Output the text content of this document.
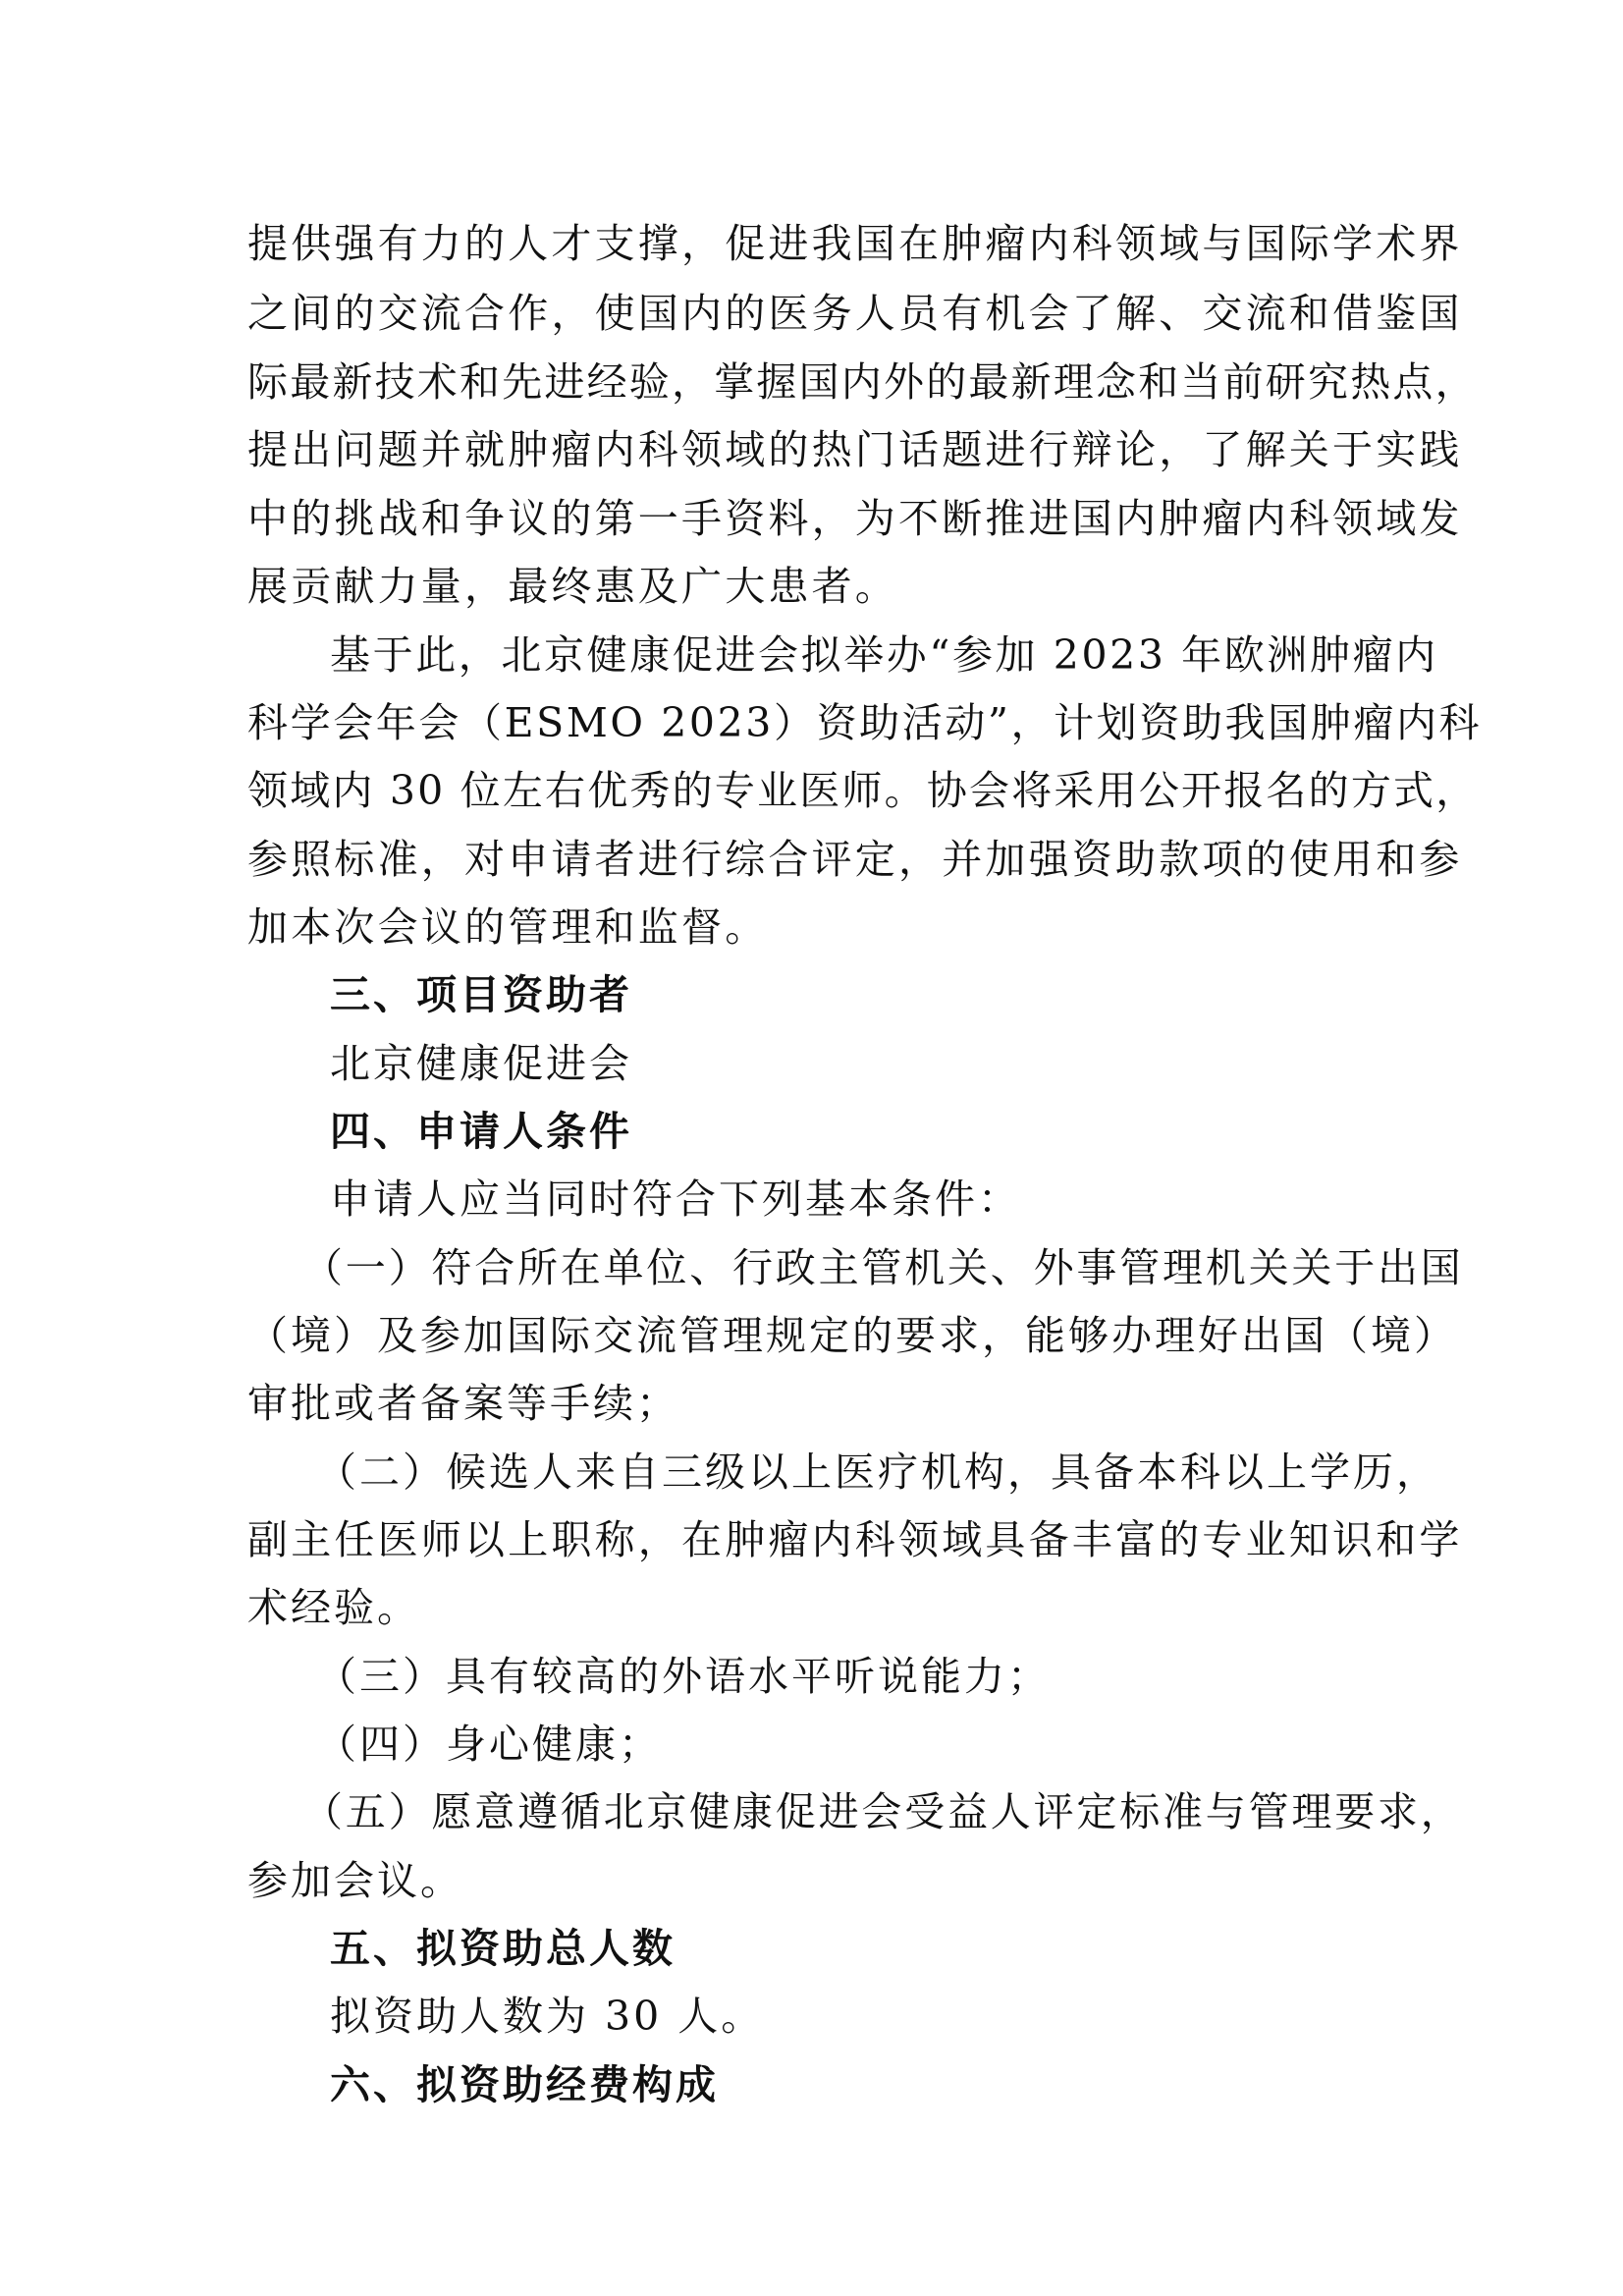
提供强有力的人才支撑，促进我国在肿瘤内科领域与国际学术界
之间的交流合作，使国内的医务人员有机会了解、交流和借鉴国
际最新技术和先进经验，掌握国内外的最新理念和当前研究热点，
提出问题并就肿瘤内科领域的热门话题进行辩论，了解关于实践
中的挑战和争议的第一手资料，为不断推进国内肿瘤内科领域发
展贡献力量，最终惠及广大患者。
基于此，北京健康促进会拟举办“参加 2023 年欧洲肿瘤内
科学会年会（ESMO 2023）资助活动”，计划资助我国肿瘤内科
领域内 30 位左右优秀的专业医师。协会将采用公开报名的方式，
参照标准，对申请者进行综合评定，并加强资助款项的使用和参
加本次会议的管理和监督。
三、项目资助者
北京健康促进会
四、申请人条件
申请人应当同时符合下列基本条件：
（一）符合所在单位、行政主管机关、外事管理机关关于出国
（境）及参加国际交流管理规定的要求，能够办理好出国（境）
审批或者备案等手续；
（二）候选人来自三级以上医疗机构，具备本科以上学历，
副主任医师以上职称，在肿瘤内科领域具备丰富的专业知识和学
术经验。
（三）具有较高的外语水平听说能力；
（四）身心健康；
（五）愿意遵循北京健康促进会受益人评定标准与管理要求，
参加会议。
五、拟资助总人数
拟资助人数为 30 人。
六、拟资助经费构成
